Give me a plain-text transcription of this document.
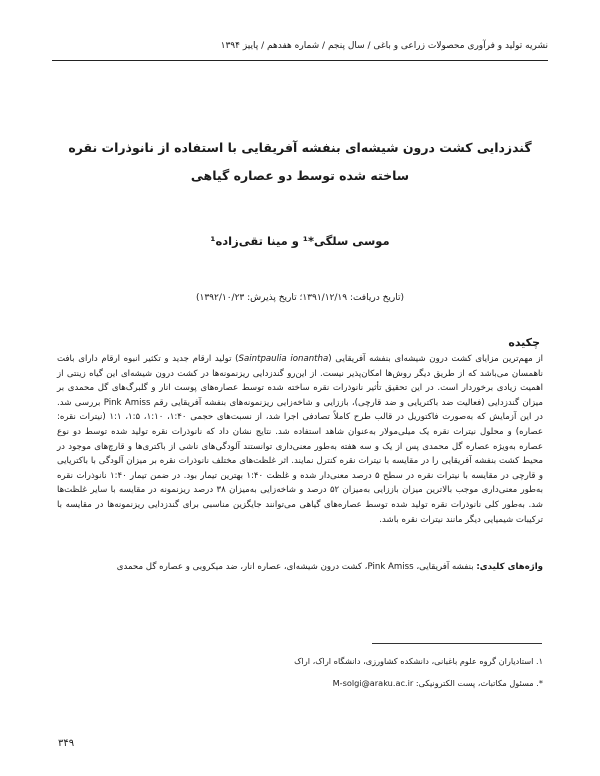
نشریه تولید و فرآوری محصولات زراعی و باغی / سال پنجم / شماره هفدهم / پاییز ۱۳۹۴
گندزدایی کشت درون شیشه‌ای بنفشه آفریقایی با استفاده از نانوذرات نقره
ساخته شده توسط دو عصاره گیاهی
موسی سلگی‌*¹ و مینا تقی‌زاده¹
(تاریخ دریافت: ۱۳۹۱/۱۲/۱۹؛ تاریخ پذیرش: ۱۳۹۲/۱۰/۲۳)
چکیده
از مهم‌ترین مزایای کشت درون شیشه‌ای بنفشه آفریقایی (Saintpaulia ionantha) تولید ارقام جدید و تکثیر انبوه ارقام دارای بافت ناهمسان می‌باشد که از طریق دیگر روش‌ها امکان‌پذیر نیست. از این‌رو گندزدایی ریزنمونه‌ها در کشت درون شیشه‌ای این گیاه زینتی از اهمیت زیادی برخوردار است. در این تحقیق تأثیر نانوذرات نقره ساخته شده توسط عصاره‌های پوست انار و گلبرگ‌های گل محمدی بر میزان گندزدایی (فعالیت ضد باکتریایی و ضد قارچی)، باززایی و شاخه‌زایی ریزنمونه‌های بنفشه آفریقایی رقم Pink Amiss بررسی شد. در این آزمایش که به‌صورت فاکتوریل در قالب طرح کاملاً تصادفی اجرا شد، از نسبت‌های حجمی ۱:۴۰، ۱:۱۰، ۱:۵، ۱:۱ (نیترات نقره: عصاره) و محلول نیترات نقره یک میلی‌مولار به‌عنوان شاهد استفاده شد. نتایج نشان داد که نانوذرات نقره تولید شده توسط دو نوع عصاره به‌ویژه عصاره گل محمدی پس از یک و سه هفته به‌طور معنی‌داری توانستند آلودگی‌های ناشی از باکتری‌ها و قارچ‌های موجود در محیط کشت بنفشه آفریقایی را در مقایسه با نیترات نقره کنترل نمایند. اثر غلظت‌های مختلف نانوذرات نقره بر میزان آلودگی با باکتریایی و قارچی در مقایسه با نیترات نقره در سطح ۵ درصد معنی‌دار شده و غلظت ۱:۴۰ بهترین تیمار بود. در ضمن تیمار ۱:۴۰ نانوذرات نقره به‌طور معنی‌داری موجب بالاترین میزان باززایی به‌میزان ۵۲ درصد و شاخه‌زایی به‌میزان ۳۸ درصد ریزنمونه در مقایسه با سایر غلظت‌ها شد. به‌طور کلی نانوذرات نقره تولید شده توسط عصاره‌های گیاهی می‌توانند جایگزین مناسبی برای گندزدایی ریزنمونه‌ها در مقایسه با ترکیبات شیمیایی دیگر مانند نیترات نقره باشد.
واژه‌های کلیدی: بنفشه آفریقایی، Pink Amiss، کشت درون شیشه‌ای، عصاره انار، ضد میکروبی و عصاره گل محمدی
۱. استادیاران گروه علوم باغبانی، دانشکده کشاورزی، دانشگاه اراک، اراک
*. مسئول مکاتبات، پست الکترونیکی: M-solgi@araku.ac.ir
۳۴۹
